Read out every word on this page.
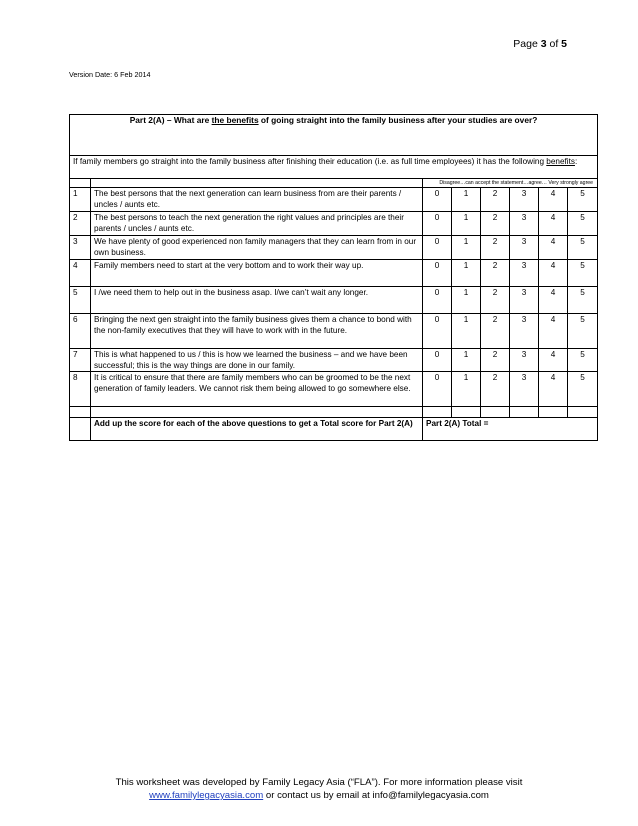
Page 3 of 5
Version Date: 6 Feb 2014
Part 2(A) – What are the benefits of going straight into the family business after your studies are over?							
If family members go straight into the family business after finishing their education (i.e. as full time employees) it has the following benefits:							
		Disagree…can accept the statement…agree… Very strongly agree					
1	The best persons that the next generation can learn business from are their parents / uncles / aunts etc.	0	1	2	3	4	5
2	The best persons to teach the next generation the right values and principles are their parents / uncles / aunts etc.	0	1	2	3	4	5
3	We have plenty of good experienced non family managers that they can learn from in our own business.	0	1	2	3	4	5
4	Family members need to start at the very bottom and to work their way up.	0	1	2	3	4	5
5	I /we need them to help out in the business asap. I/we can’t wait any longer.	0	1	2	3	4	5
6	Bringing the next gen straight into the family business gives them a chance to bond with the non-family executives that they will have to work with in the future.	0	1	2	3	4	5
7	This is what happened to us / this is how we learned the business – and we have been successful; this is the way things are done in our family.	0	1	2	3	4	5
8	It is critical to ensure that there are family members who can be groomed to be the next generation of family leaders. We cannot risk them being allowed to go somewhere else.	0	1	2	3	4	5

	Add up the score for each of the above questions to get a Total score for Part 2(A)	Part 2(A) Total =					
This worksheet was developed by Family Legacy Asia (“FLA”). For more information please visit
www.familylegacyasia.com or contact us by email at info@familylegacyasia.com
